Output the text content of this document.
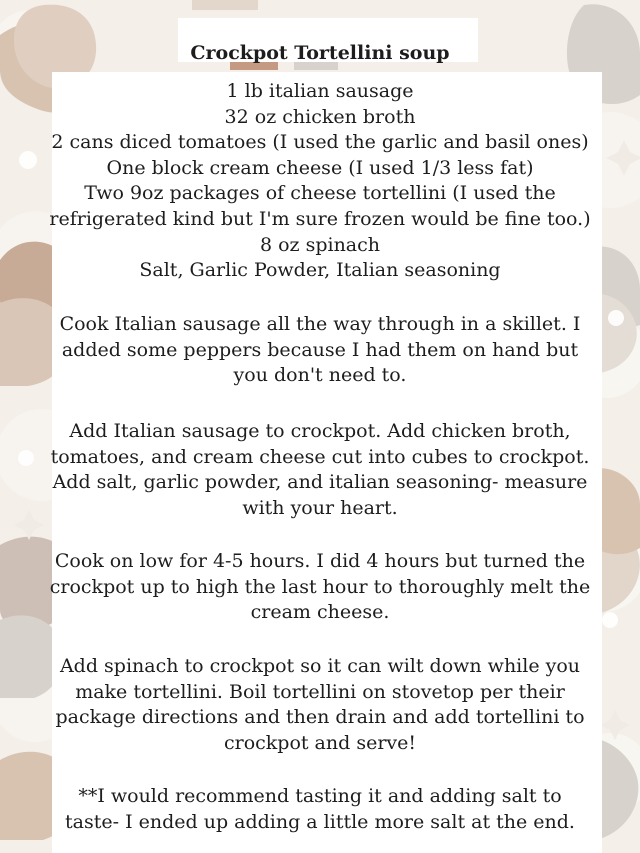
Crockpot Tortellini soup
1 lb italian sausage
32 oz chicken broth
2 cans diced tomatoes (I used the garlic and basil ones)
One block cream cheese (I used 1/3 less fat)
Two 9oz packages of cheese tortellini (I used the
refrigerated kind but I'm sure frozen would be fine too.)
8 oz spinach
Salt, Garlic Powder, Italian seasoning
Cook Italian sausage all the way through in a skillet. I
added some peppers because I had them on hand but
you don't need to.
Add Italian sausage to crockpot. Add chicken broth,
tomatoes, and cream cheese cut into cubes to crockpot.
Add salt, garlic powder, and italian seasoning- measure
with your heart.
Cook on low for 4-5 hours. I did 4 hours but turned the
crockpot up to high the last hour to thoroughly melt the
cream cheese.
Add spinach to crockpot so it can wilt down while you
make tortellini. Boil tortellini on stovetop per their
package directions and then drain and add tortellini to
crockpot and serve!
**I would recommend tasting it and adding salt to
taste- I ended up adding a little more salt at the end.
